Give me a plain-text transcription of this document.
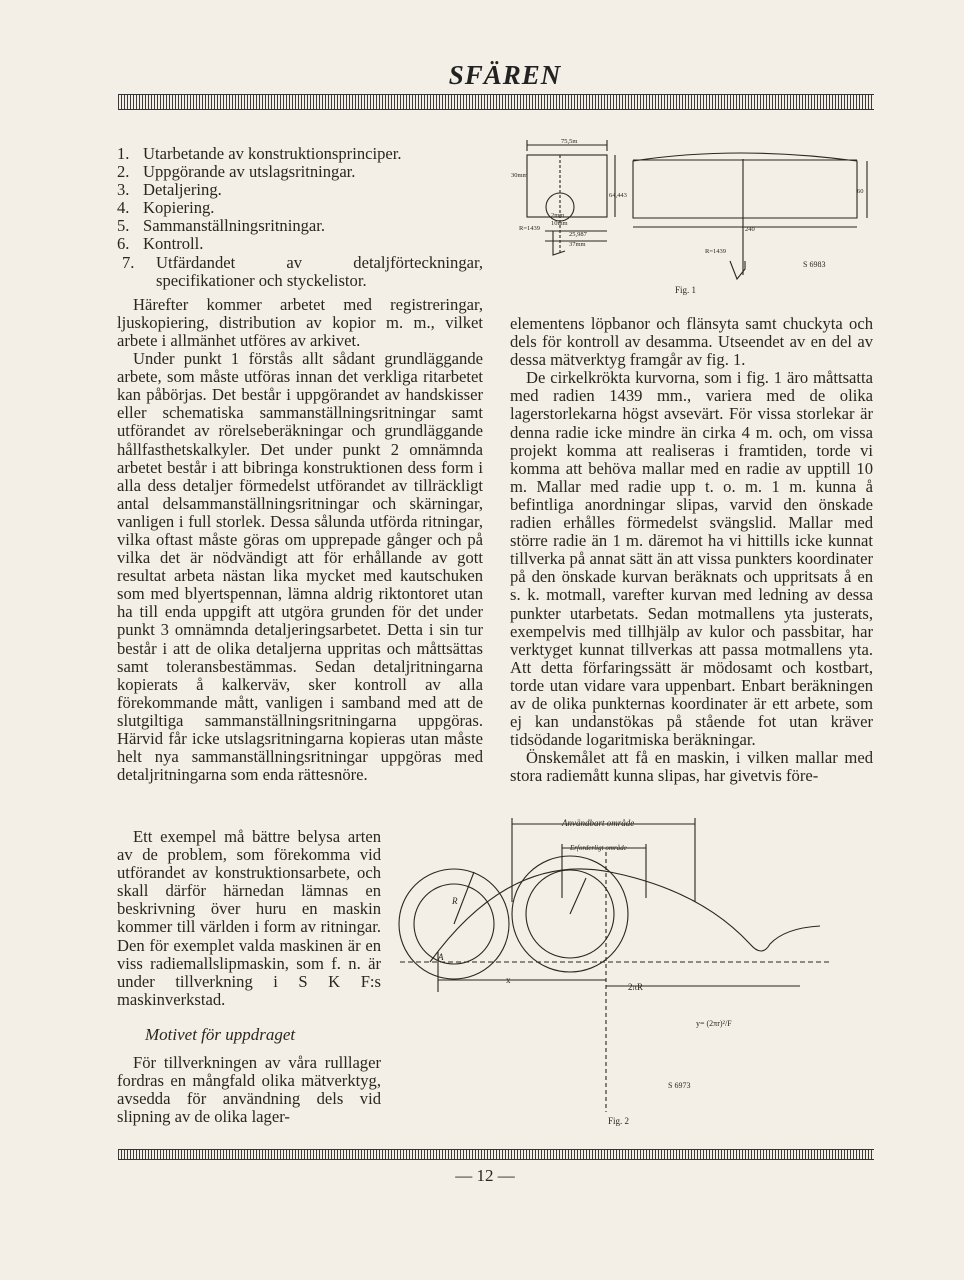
SFÄREN
1. Utarbetande av konstruktionsprinciper.
2. Uppgörande av utslagsritningar.
3. Detaljering.
4. Kopiering.
5. Sammanställningsritningar.
6. Kontroll.
7. Utfärdandet av detaljförteckningar, specifikationer och styckelistor.

Härefter kommer arbetet med registreringar, ljuskopiering, distribution av kopior m. m., vilket arbete i allmänhet utföres av arkivet.

Under punkt 1 förstås allt sådant grundläggande arbete, som måste utföras innan det verkliga ritarbetet kan påbörjas. Det består i uppgörandet av handskisser eller schematiska sammanställningsritningar samt utförandet av rörelseberäkningar och grundläggande hållfasthetskalkyler. Det under punkt 2 omnämnda arbetet består i att bibringa konstruktionen dess form i alla dess detaljer förmedelst utförandet av tillräckligt antal delsammanställningsritningar och skärningar, vanligen i full storlek. Dessa sålunda utförda ritningar, vilka oftast måste göras om upprepade gånger och på vilka det är nödvändigt att för erhållande av gott resultat arbeta nästan lika mycket med kautschuken som med blyertspennan, lämna aldrig riktontoret utan ha till enda uppgift att utgöra grunden för det under punkt 3 omnämnda detaljeringsarbetet. Detta i sin tur består i att de olika detaljerna uppritas och måttsättas samt toleransbestämmas. Sedan detaljritningarna kopierats å kalkerväv, sker kontroll av alla förekommande mått, vanligen i samband med att de slutgiltiga sammanställningsritningarna uppgöras. Härvid får icke utslagsritningarna kopieras utan måste helt nya sammanställningsritningar uppgöras med detaljritningarna som enda rättesnöre.

Ett exempel må bättre belysa arten av de problem, som förekomma vid utförandet av konstruktionsarbete, och skall därför härnedan lämnas en beskrivning över huru en maskin kommer till världen i form av ritningar. Den för exemplet valda maskinen är en viss radiemallslipmaskin, som f. n. är under tillverkning i S K F:s maskinverkstad.

Motivet för uppdraget

För tillverkningen av våra rulllager fordras en mångfald olika mätverktyg, avsedda för användning dels vid slipning av de olika lager-

elementens löpbanor och flänsyta samt chuckyta och dels för kontroll av desamma. Utseendet av en del av dessa mätverktyg framgår av fig. 1.

De cirkelkrökta kurvorna, som i fig. 1 äro måttsatta med radien 1439 mm., variera med de olika lagerstorlekarna högst avsevärt. För vissa storlekar är denna radie icke mindre än cirka 4 m. och, om vissa projekt komma att realiseras i framtiden, torde vi komma att behöva mallar med en radie av upptill 10 m. Mallar med radie upp t. o. m. 1 m. kunna å befintliga anordningar slipas, varvid den önskade radien erhålles förmedelst svängslid. Mallar med större radie än 1 m. däremot ha vi hittills icke kunnat tillverka på annat sätt än att vissa punkters koordinater på den önskade kurvan beräknats och uppritsats å en s. k. motmall, varefter kurvan med ledning av dessa punkter utarbetats. Sedan motmallens yta justerats, exempelvis med tillhjälp av kulor och passbitar, har verktyget kunnat tillverkas att passa motmallens yta. Att detta förfaringssätt är mödosamt och kostbart, torde utan vidare vara uppenbart. Enbart beräkningen av de olika punkternas koordinater är ett arbete, som ej kan undanstökas på stående fot utan kräver tidsödande logaritmiska beräkningar.

Önskemålet att få en maskin, i vilken mallar med stora radiemått kunna slipas, har givetvis före-

75,5m
30mm
64,443
25,987
37mm
R=1439
R=1439
240
60
2mm
10mm
S 6983
Fig. 1
Användbart område
Erforderligt område
2πR
x
R
A
y= (2πr)²/F
S 6973
Fig. 2
— 12 —
